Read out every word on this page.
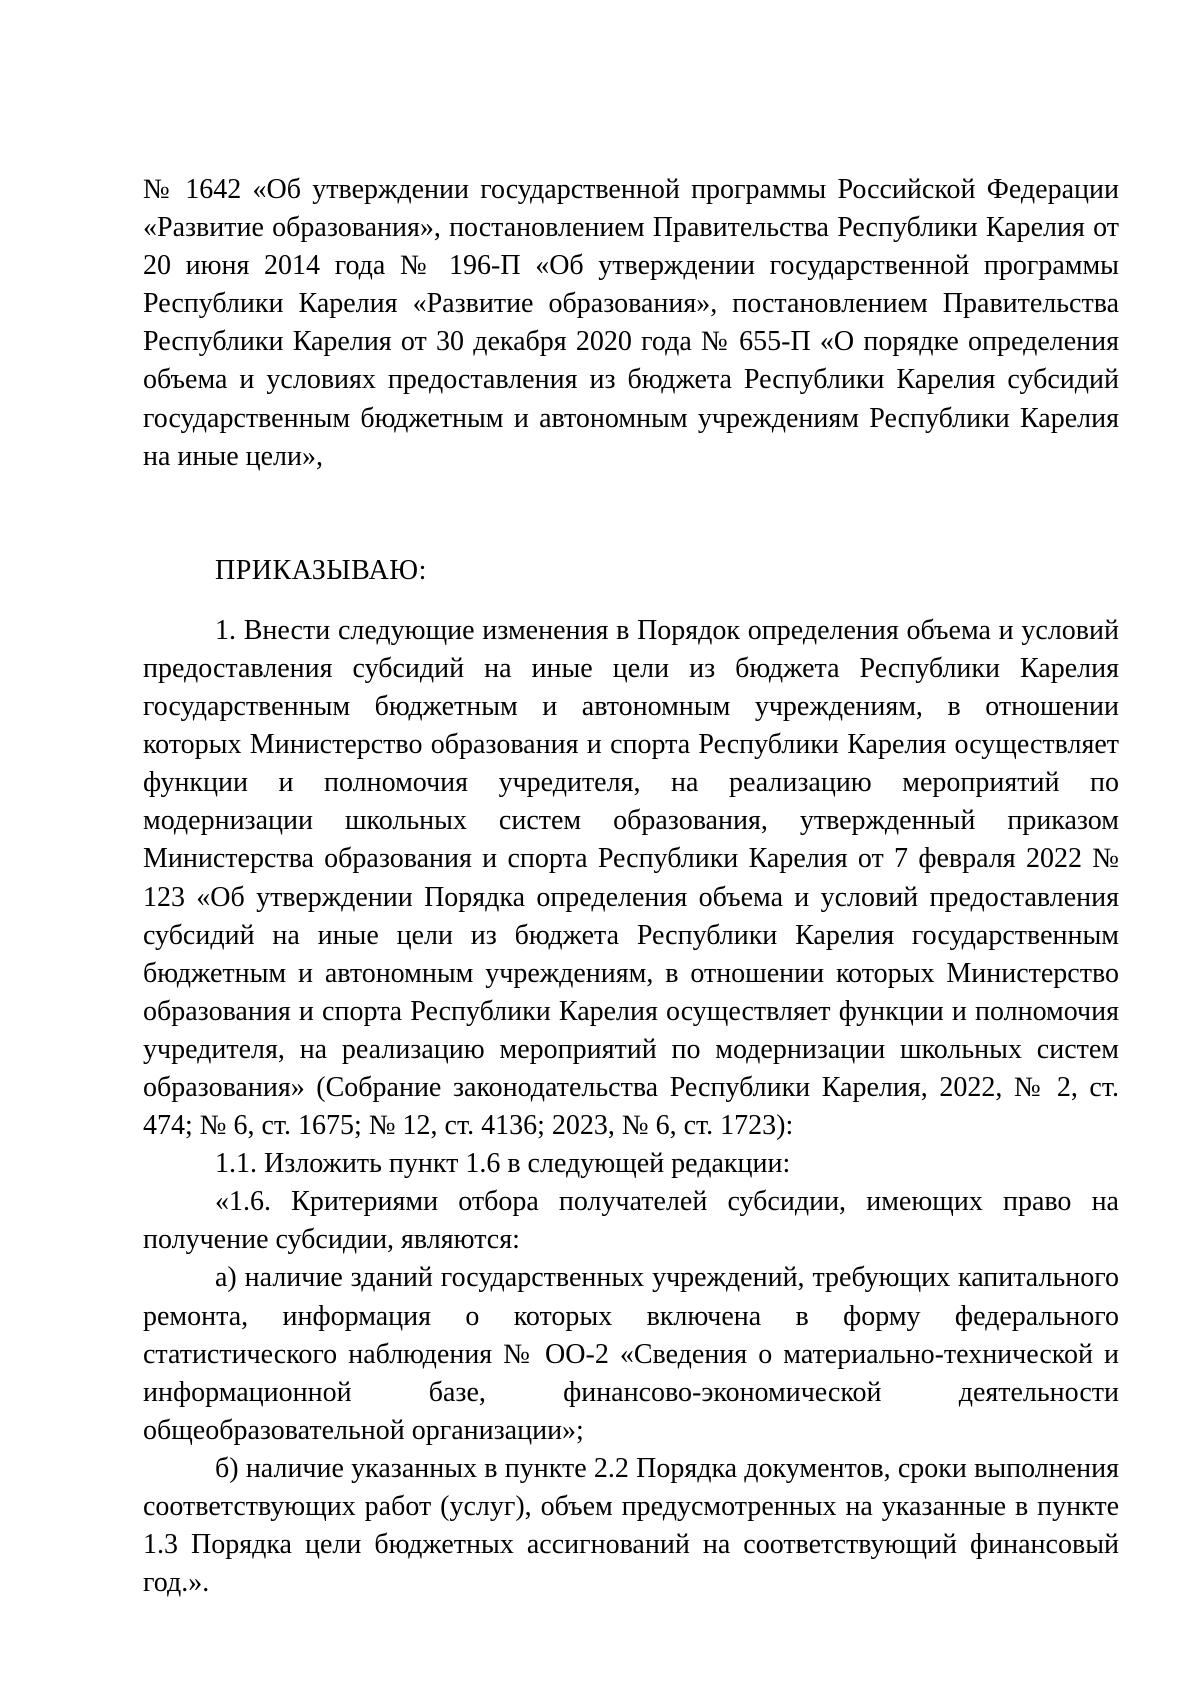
№ 1642 «Об утверждении государственной программы Российской Федерации «Развитие образования», постановлением Правительства Республики Карелия от 20 июня 2014 года № 196-П «Об утверждении государственной программы Республики Карелия «Развитие образования», постановлением Правительства Республики Карелия от 30 декабря 2020 года № 655-П «О порядке определения объема и условиях предоставления из бюджета Республики Карелия субсидий государственным бюджетным и автономным учреждениям Республики Карелия на иные цели»,

ПРИКАЗЫВАЮ:

1. Внести следующие изменения в Порядок определения объема и условий предоставления субсидий на иные цели из бюджета Республики Карелия государственным бюджетным и автономным учреждениям, в отношении которых Министерство образования и спорта Республики Карелия осуществляет функции и полномочия учредителя, на реализацию мероприятий по модернизации школьных систем образования, утвержденный приказом Министерства образования и спорта Республики Карелия от 7 февраля 2022 № 123 «Об утверждении Порядка определения объема и условий предоставления субсидий на иные цели из бюджета Республики Карелия государственным бюджетным и автономным учреждениям, в отношении которых Министерство образования и спорта Республики Карелия осуществляет функции и полномочия учредителя, на реализацию мероприятий по модернизации школьных систем образования» (Собрание законодательства Республики Карелия, 2022, № 2, ст. 474; № 6, ст. 1675; № 12, ст. 4136; 2023, № 6, ст. 1723):

1.1. Изложить пункт 1.6 в следующей редакции:

«1.6. Критериями отбора получателей субсидии, имеющих право на получение субсидии, являются:

а) наличие зданий государственных учреждений, требующих капитального ремонта, информация о которых включена в форму федерального статистического наблюдения № ОО-2 «Сведения о материально-технической и информационной базе, финансово-экономической деятельности общеобразовательной организации»;

б) наличие указанных в пункте 2.2 Порядка документов, сроки выполнения соответствующих работ (услуг), объем предусмотренных на указанные в пункте 1.3 Порядка цели бюджетных ассигнований на соответствующий финансовый год.».
